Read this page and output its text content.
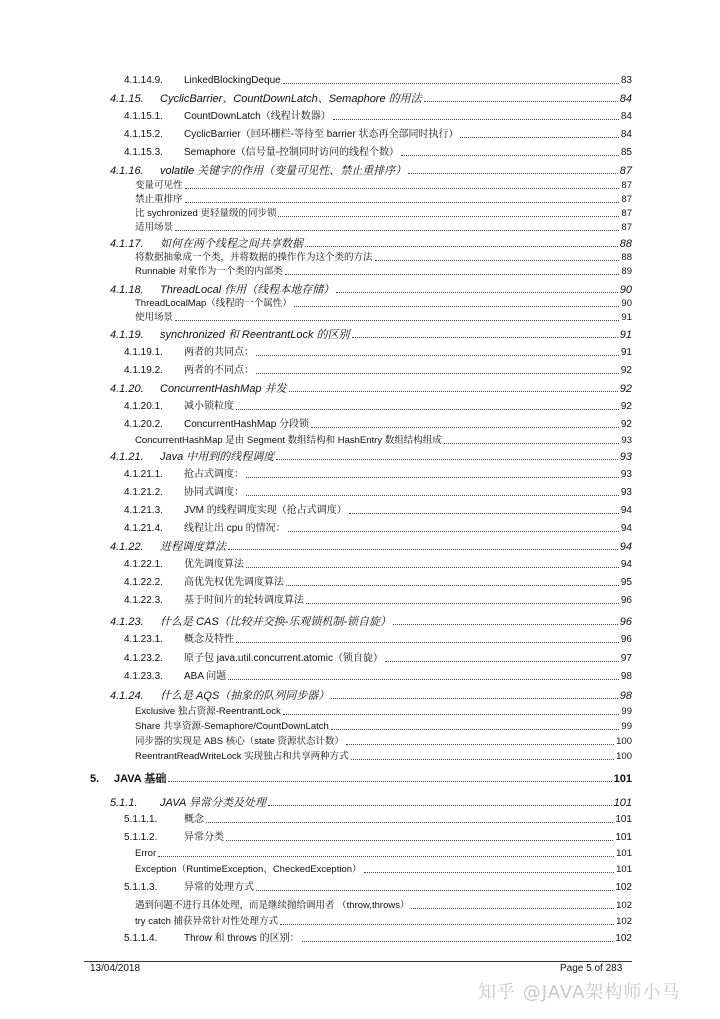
4.1.14.9.	LinkedBlockingDeque	83
4.1.15.	CyclicBarrier、CountDownLatch、Semaphore 的用法	84
4.1.15.1.	CountDownLatch（线程计数器）	84
4.1.15.2.	CyclicBarrier（回环栅栏-等待至 barrier 状态再全部同时执行）	84
4.1.15.3.	Semaphore（信号量-控制同时访问的线程个数）	85
4.1.16.	volatile 关键字的作用（变量可见性、禁止重排序）	87
变量可见性	87
禁止重排序	87
比 sychronized 更轻量级的同步锁	87
适用场景	87
4.1.17.	如何在两个线程之间共享数据	88
将数据抽象成一个类，并将数据的操作作为这个类的方法	88
Runnable 对象作为一个类的内部类	89
4.1.18.	ThreadLocal 作用（线程本地存储）	90
ThreadLocalMap（线程的一个属性）	90
使用场景	91
4.1.19.	synchronized 和 ReentrantLock 的区别	91
4.1.19.1.	两者的共同点：	91
4.1.19.2.	两者的不同点：	92
4.1.20.	ConcurrentHashMap 并发	92
4.1.20.1.	减小锁粒度	92
4.1.20.2.	ConcurrentHashMap 分段锁	92
ConcurrentHashMap 是由 Segment 数组结构和 HashEntry 数组结构组成	93
4.1.21.	Java 中用到的线程调度	93
4.1.21.1.	抢占式调度：	93
4.1.21.2.	协同式调度：	93
4.1.21.3.	JVM 的线程调度实现（抢占式调度）	94
4.1.21.4.	线程让出 cpu 的情况：	94
4.1.22.	进程调度算法	94
4.1.22.1.	优先调度算法	94
4.1.22.2.	高优先权优先调度算法	95
4.1.22.3.	基于时间片的轮转调度算法	96
4.1.23.	什么是 CAS（比较并交换-乐观锁机制-锁自旋）	96
4.1.23.1.	概念及特性	96
4.1.23.2.	原子包 java.util.concurrent.atomic（锁自旋）	97
4.1.23.3.	ABA 问题	98
4.1.24.	什么是 AQS（抽象的队列同步器）	98
Exclusive 独占资源-ReentrantLock	99
Share 共享资源-Semaphore/CountDownLatch	99
同步器的实现是 ABS 核心（state 资源状态计数）	100
ReentrantReadWriteLock 实现独占和共享两种方式	100
5.	JAVA 基础	101
5.1.1.	JAVA 异常分类及处理	101
5.1.1.1.	概念	101
5.1.1.2.	异常分类	101
Error	101
Exception（RuntimeException、CheckedException）	101
5.1.1.3.	异常的处理方式	102
遇到问题不进行具体处理，而是继续抛给调用者 （throw,throws）	102
try catch 捕获异常针对性处理方式	102
5.1.1.4.	Throw 和 throws 的区别：	102
13/04/2018	Page 5 of 283
知乎 @JAVA架构师小马
